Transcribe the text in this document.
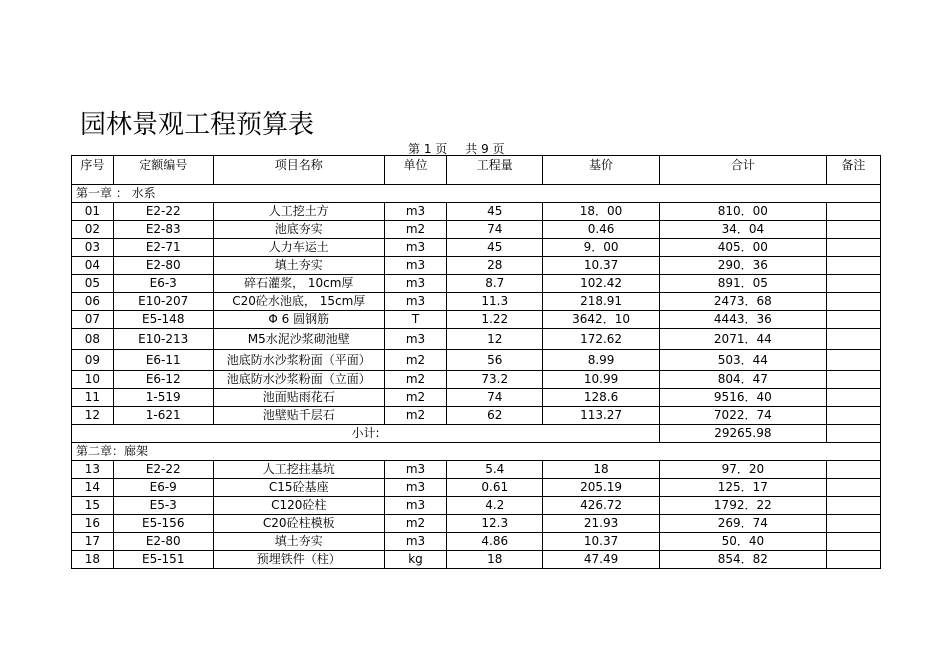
园林景观工程预算表
第 1 页 共 9 页
序号	定额编号	项目名称	单位	工程量	基价	合计	备注
第一章 ： 水系							
01	E2-22	人工挖土方	m3	45	18．00	810．00	
02	E2-83	池底夯实	m2	74	0.46	34．04	
03	E2-71	人力车运土	m3	45	9．00	405．00	
04	E2-80	填土夯实	m3	28	10.37	290．36	
05	E6-3	碎石灌浆， 10cm厚	m3	8.7	102.42	891．05	
06	E10-207	C20砼水池底， 15cm厚	m3	11.3	218.91	2473．68	
07	E5-148	Φ 6 圆钢筋	T	1.22	3642．10	4443．36	
08	E10-213	M5水泥沙浆砌池壁	m3	12	172.62	2071．44	
09	E6-11	池底防水沙浆粉面（平面）	m2	56	8.99	503．44	
10	E6-12	池底防水沙浆粉面（立面）	m2	73.2	10.99	804．47	
11	1-519	池面贴雨花石	m2	74	128.6	9516．40	
12	1-621	池壁贴千层石	m2	62	113.27	7022．74	
小计:						29265.98	
第二章：廊架							
13	E2-22	人工挖拄基坑	m3	5.4	18	97．20	
14	E6-9	C15砼基座	m3	0.61	205.19	125．17	
15	E5-3	C120砼柱	m3	4.2	426.72	1792．22	
16	E5-156	C20砼柱模板	m2	12.3	21.93	269．74	
17	E2-80	填土夯实	m3	4.86	10.37	50．40	
18	E5-151	预埋铁件（柱）	kg	18	47.49	854．82	
